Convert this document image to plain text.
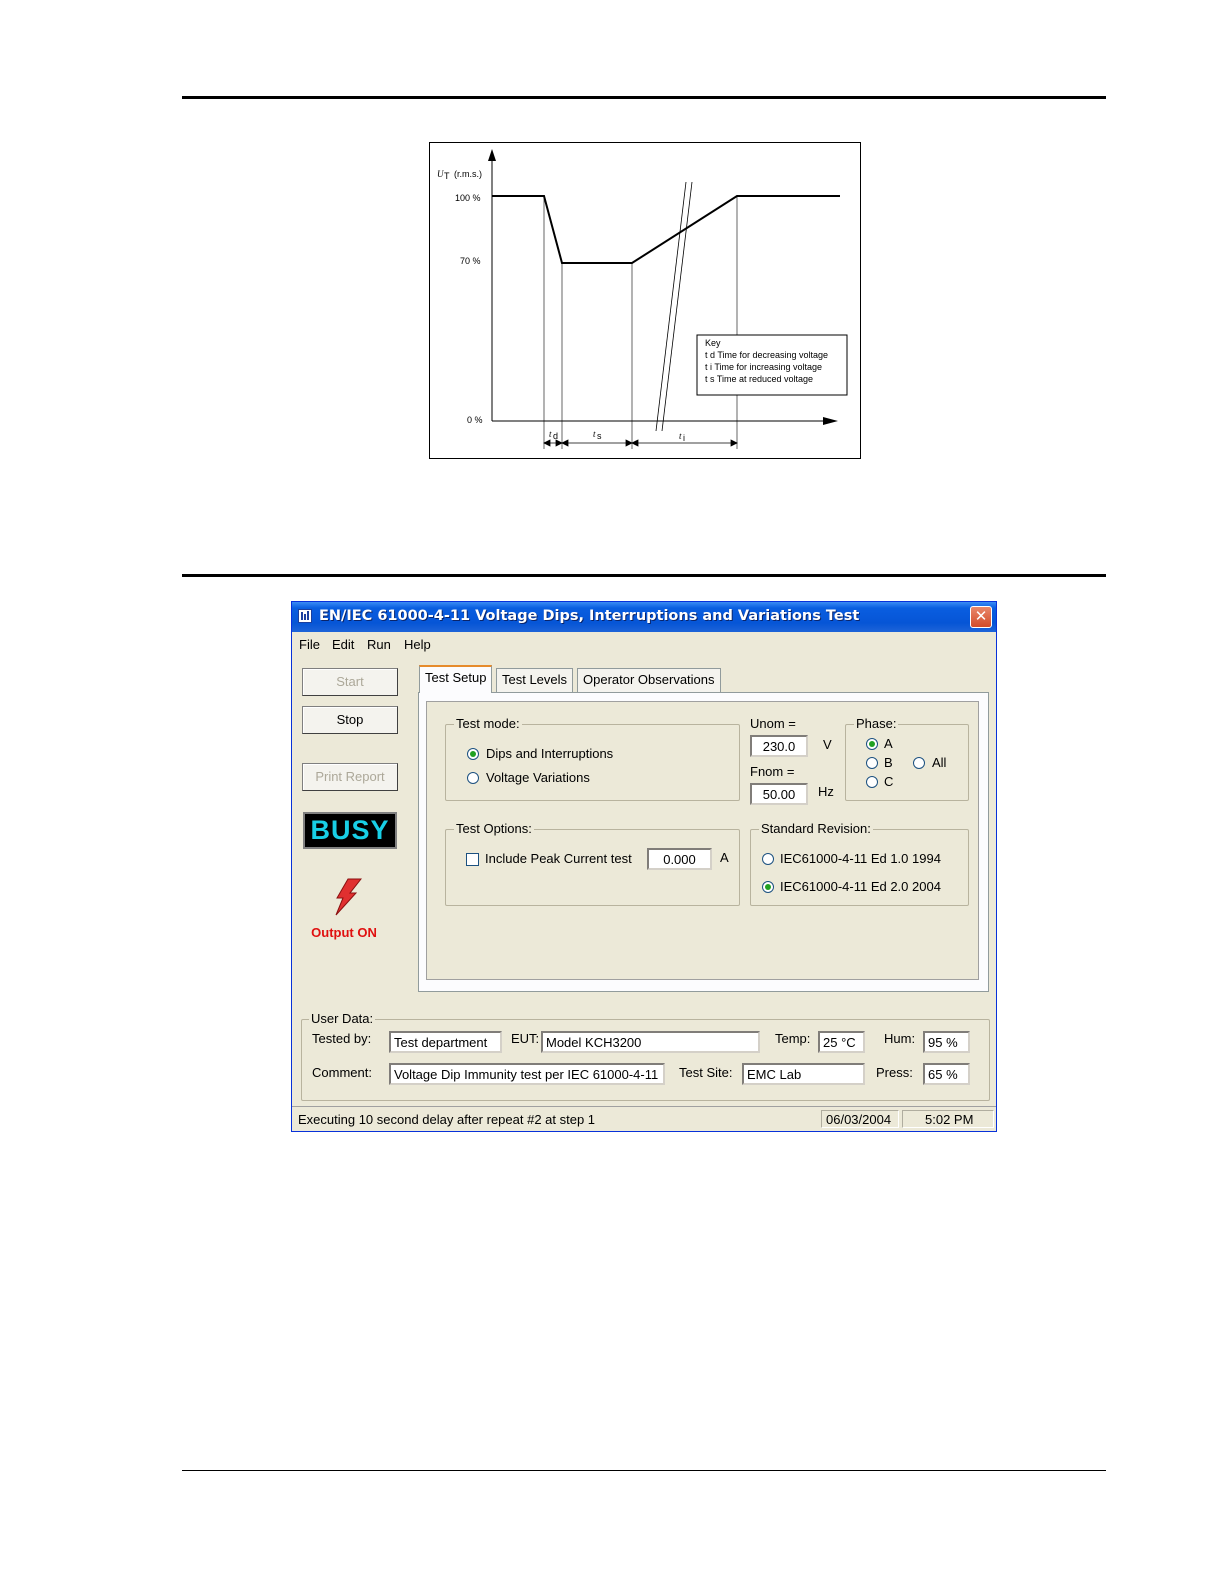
U T (r.m.s.)
100 %
70 %
0 %
t d	t s	t i
Key
t d Time for decreasing voltage
t i Time for increasing voltage
t s Time at reduced voltage
EN/IEC 61000-4-11 Voltage Dips, Interruptions and Variations Test	✕
File Edit Run Help
Start
Stop
Print Report
BUSY
Output ON
Test Setup	Test Levels	Operator Observations
Test mode:
Dips and Interruptions
Voltage Variations
Unom =
230.0	V
Fnom =
50.00	Hz
Phase:
A
B
C
All
Test Options:
Include Peak Current test	0.000	A
Standard Revision:
IEC61000-4-11 Ed 1.0 1994
IEC61000-4-11 Ed 2.0 2004
User Data:
Tested by:	Test department	EUT: Model KCH3200	Temp: 25 °C	Hum: 95 %
Comment:	Voltage Dip Immunity test per IEC 61000-4-11	Test Site:	EMC Lab	Press:	65 %
Executing 10 second delay after repeat #2 at step 1	06/03/2004	5:02 PM
